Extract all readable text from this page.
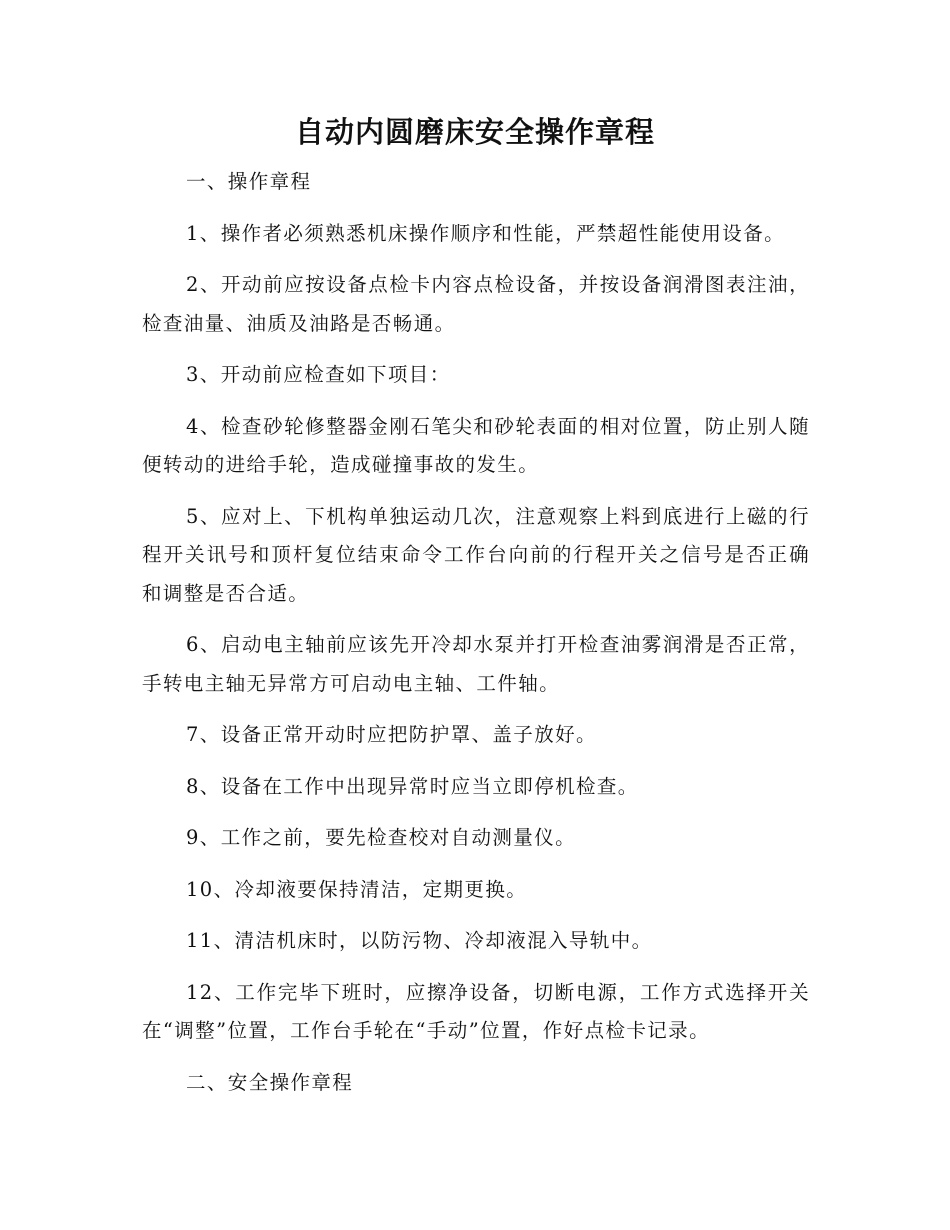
自动内圆磨床安全操作章程

一、操作章程

1、操作者必须熟悉机床操作顺序和性能，严禁超性能使用设备。

2、开动前应按设备点检卡内容点检设备，并按设备润滑图表注油，检查油量、油质及油路是否畅通。

3、开动前应检查如下项目：

4、检查砂轮修整器金刚石笔尖和砂轮表面的相对位置，防止别人随便转动的进给手轮，造成碰撞事故的发生。

5、应对上、下机构单独运动几次，注意观察上料到底进行上磁的行程开关讯号和顶杆复位结束命令工作台向前的行程开关之信号是否正确和调整是否合适。

6、启动电主轴前应该先开冷却水泵并打开检查油雾润滑是否正常，手转电主轴无异常方可启动电主轴、工件轴。

7、设备正常开动时应把防护罩、盖子放好。

8、设备在工作中出现异常时应当立即停机检查。

9、工作之前，要先检查校对自动测量仪。

10、冷却液要保持清洁，定期更换。

11、清洁机床时，以防污物、冷却液混入导轨中。

12、工作完毕下班时，应擦净设备，切断电源，工作方式选择开关在“调整”位置，工作台手轮在“手动”位置，作好点检卡记录。

二、安全操作章程
